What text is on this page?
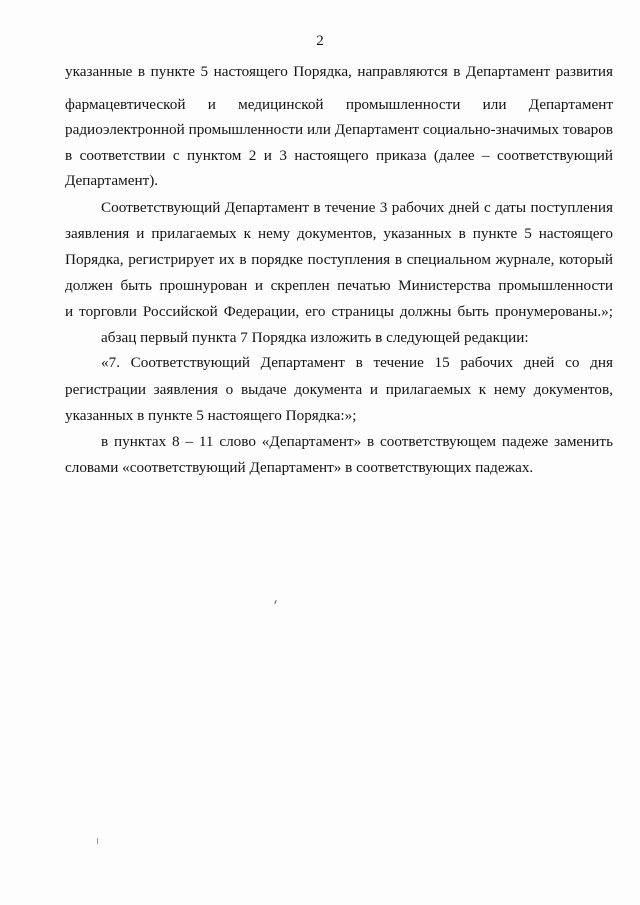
2
указанные в пункте 5 настоящего Порядка, направляются в Департамент развития
фармацевтической и медицинской промышленности или Департамент
радиоэлектронной промышленности или Департамент социально-значимых товаров
в соответствии с пунктом 2 и 3 настоящего приказа (далее – соответствующий
Департамент).
Соответствующий Департамент в течение 3 рабочих дней с даты поступления
заявления и прилагаемых к нему документов, указанных в пункте 5 настоящего
Порядка, регистрирует их в порядке поступления в специальном журнале, который
должен быть прошнурован и скреплен печатью Министерства промышленности
и торговли Российской Федерации, его страницы должны быть пронумерованы.»;
абзац первый пункта 7 Порядка изложить в следующей редакции:
«7. Соответствующий Департамент в течение 15 рабочих дней со дня
регистрации заявления о выдаче документа и прилагаемых к нему документов,
указанных в пункте 5 настоящего Порядка:»;
в пунктах 8 – 11 слово «Департамент» в соответствующем падеже заменить
словами «соответствующий Департамент» в соответствующих падежах.
